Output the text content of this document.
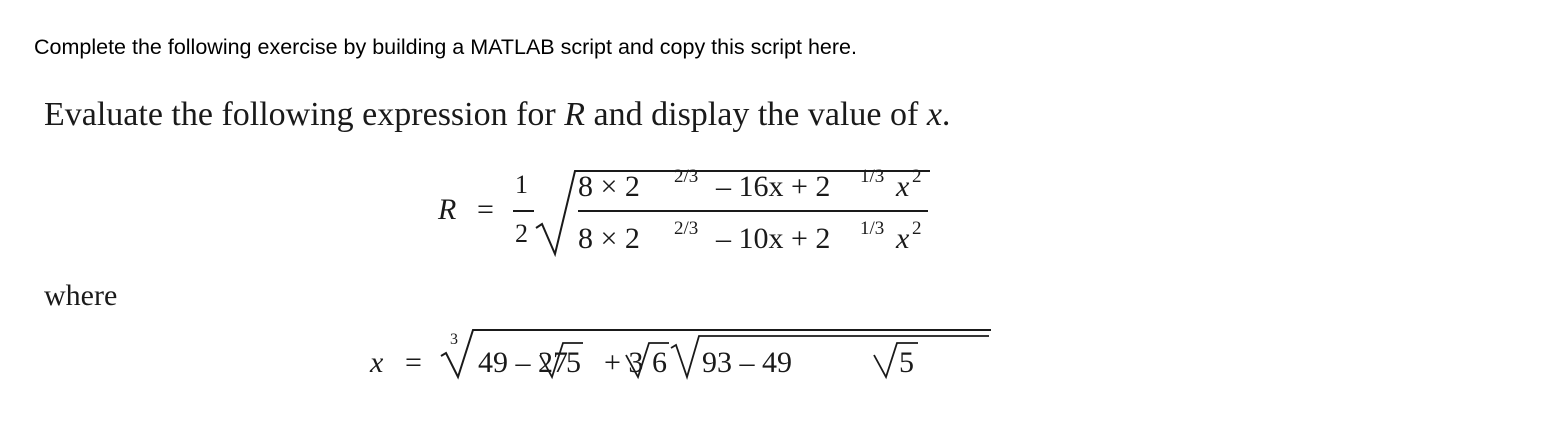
Complete the following exercise by building a MATLAB script and copy this script here.
Evaluate the following expression for R and display the value of x.
R =
1
2
8 × 2 2/3 – 16x + 2 1/3 x 2
8 × 2 2/3 – 10x + 2 1/3 x 2
where
x =
3
49 – 27
5 + 3 6 93 – 49	5
